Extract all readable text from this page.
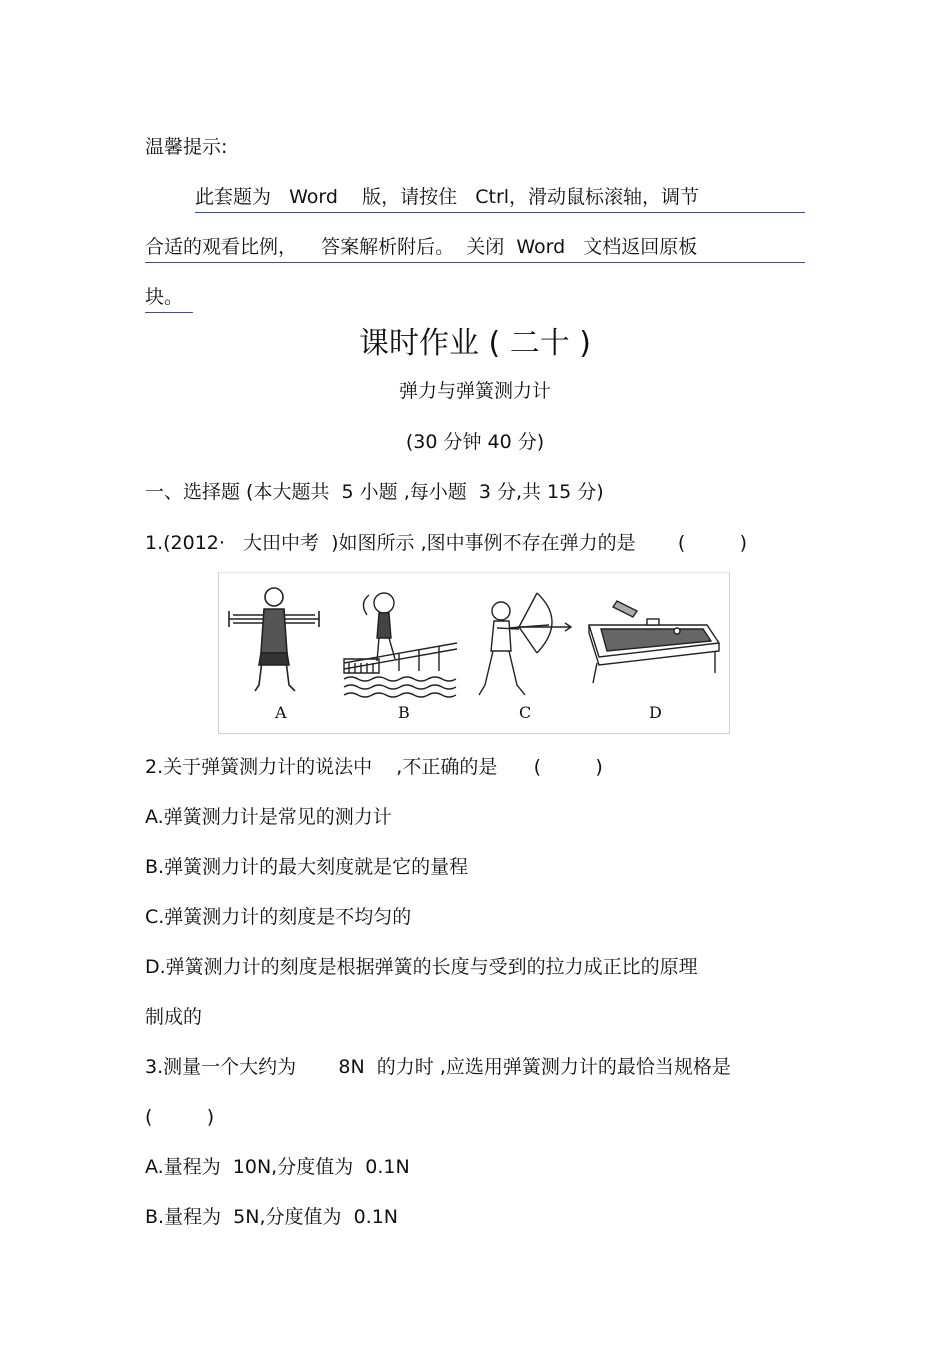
温馨提示:
此套题为   Word    版，请按住   Ctrl，滑动鼠标滚轴，调节
合适的观看比例，    答案解析附后。  关闭  Word   文档返回原板
块。
课时作业 ( 二十 )
弹力与弹簧测力计
(30 分钟 40 分)
一、选择题 (本大题共  5 小题 ,每小题  3 分,共 15 分)
1.(2012·   大田中考  )如图所示 ,图中事例不存在弹力的是       (         )
A	B	C	D
2.关于弹簧测力计的说法中    ,不正确的是      (         )
A.弹簧测力计是常见的测力计
B.弹簧测力计的最大刻度就是它的量程
C.弹簧测力计的刻度是不均匀的
D.弹簧测力计的刻度是根据弹簧的长度与受到的拉力成正比的原理
制成的
3.测量一个大约为       8N  的力时 ,应选用弹簧测力计的最恰当规格是
(         )
A.量程为  10N,分度值为  0.1N
B.量程为  5N,分度值为  0.1N
